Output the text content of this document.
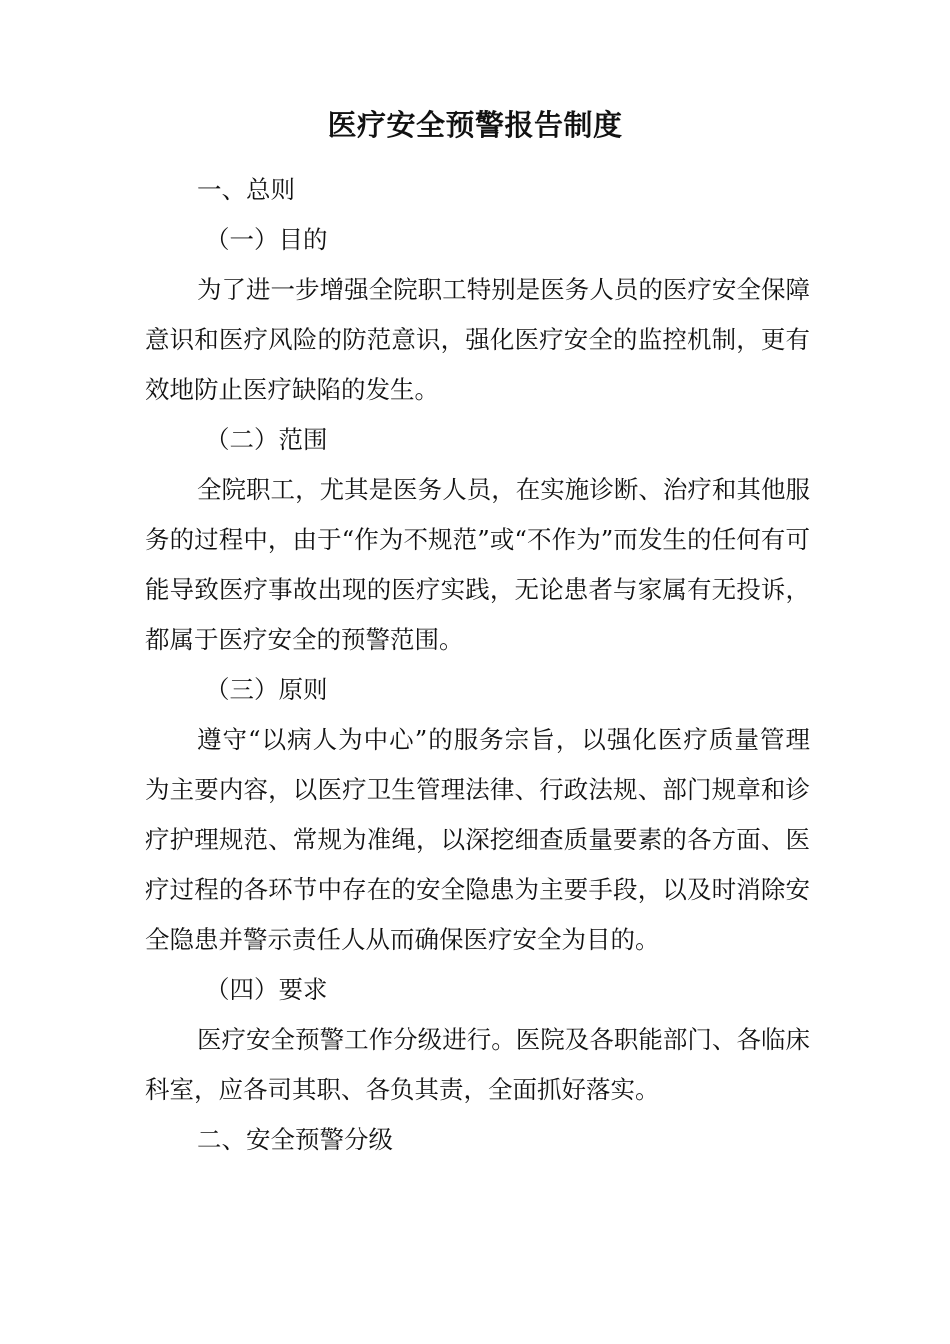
医疗安全预警报告制度

一、总则

（一）目的

为了进一步增强全院职工特别是医务人员的医疗安全保障意识和医疗风险的防范意识，强化医疗安全的监控机制，更有效地防止医疗缺陷的发生。

（二）范围

全院职工，尤其是医务人员，在实施诊断、治疗和其他服务的过程中，由于“作为不规范”或“不作为”而发生的任何有可能导致医疗事故出现的医疗实践，无论患者与家属有无投诉，都属于医疗安全的预警范围。

（三）原则

遵守“以病人为中心”的服务宗旨，以强化医疗质量管理为主要内容，以医疗卫生管理法律、行政法规、部门规章和诊疗护理规范、常规为准绳，以深挖细查质量要素的各方面、医疗过程的各环节中存在的安全隐患为主要手段，以及时消除安全隐患并警示责任人从而确保医疗安全为目的。

（四）要求

医疗安全预警工作分级进行。医院及各职能部门、各临床科室，应各司其职、各负其责，全面抓好落实。

二、安全预警分级
